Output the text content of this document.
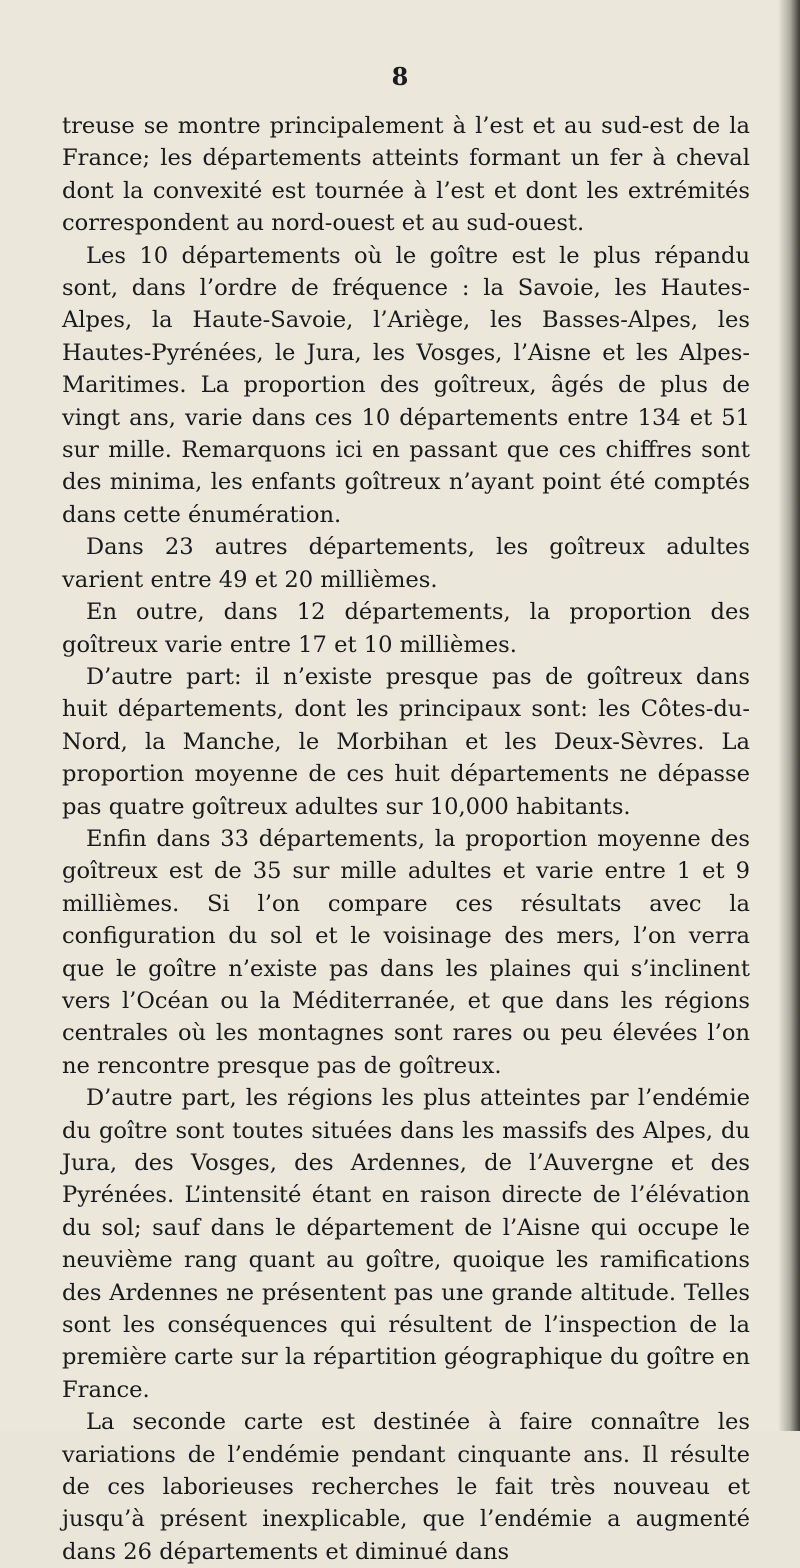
8

treuse se montre principalement à l’est et au sud-est de la France; les départements atteints formant un fer à cheval dont la convexité est tournée à l’est et dont les extrémités correspondent au nord-ouest et au sud-ouest.

Les 10 départements où le goître est le plus répandu sont, dans l’ordre de fréquence : la Savoie, les Hautes-Alpes, la Haute-Savoie, l’Ariège, les Basses-Alpes, les Hautes-Pyrénées, le Jura, les Vosges, l’Aisne et les Alpes-Maritimes. La proportion des goîtreux, âgés de plus de vingt ans, varie dans ces 10 départements entre 134 et 51 sur mille. Remarquons ici en passant que ces chiffres sont des minima, les enfants goîtreux n’ayant point été comptés dans cette énumération.

Dans 23 autres départements, les goîtreux adultes varient entre 49 et 20 millièmes.

En outre, dans 12 départements, la proportion des goîtreux varie entre 17 et 10 millièmes.

D’autre part: il n’existe presque pas de goîtreux dans huit départements, dont les principaux sont: les Côtes-du-Nord, la Manche, le Morbihan et les Deux-Sèvres. La proportion moyenne de ces huit départements ne dépasse pas quatre goîtreux adultes sur 10,000 habitants.

Enfin dans 33 départements, la proportion moyenne des goîtreux est de 35 sur mille adultes et varie entre 1 et 9 millièmes. Si l’on compare ces résultats avec la configuration du sol et le voisinage des mers, l’on verra que le goître n’existe pas dans les plaines qui s’inclinent vers l’Océan ou la Méditerranée, et que dans les régions centrales où les montagnes sont rares ou peu élevées l’on ne rencontre presque pas de goîtreux.

D’autre part, les régions les plus atteintes par l’endémie du goître sont toutes situées dans les massifs des Alpes, du Jura, des Vosges, des Ardennes, de l’Auvergne et des Pyrénées. L’intensité étant en raison directe de l’élévation du sol; sauf dans le département de l’Aisne qui occupe le neuvième rang quant au goître, quoique les ramifications des Ardennes ne présentent pas une grande altitude. Telles sont les conséquences qui résultent de l’inspection de la première carte sur la répartition géographique du goître en France.

La seconde carte est destinée à faire connaître les variations de l’endémie pendant cinquante ans. Il résulte de ces laborieuses recherches le fait très nouveau et jusqu’à présent inexplicable, que l’endémie a augmenté dans 26 départements et diminué dans
